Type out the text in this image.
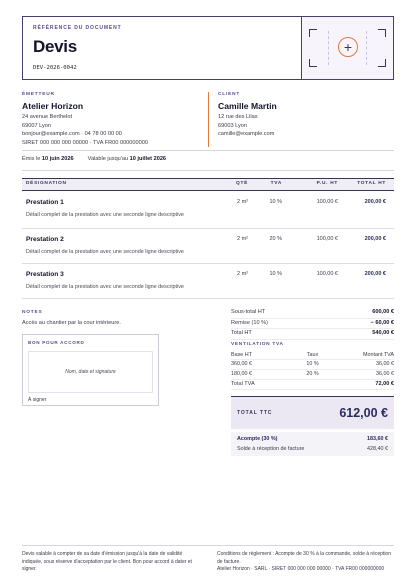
RÉFÉRENCE DU DOCUMENT
Devis
DEV-2026-0042
+
ÉMETTEUR
Atelier Horizon
24 avenue Berthelot
69007 Lyon
bonjour@example.com · 04 78 00 00 00
SIRET 000 000 000 00000 · TVA FR00 000000000
CLIENT
Camille Martin
12 rue des Lilas
69003 Lyon
camille@example.com
Émis le 10 juin 2026	Valable jusqu'au 10 juillet 2026
DÉSIGNATION	QTÉ	TVA	P.U. HT	TOTAL HT
Prestation 1
Détail complet de la prestation avec une seconde ligne descriptive
2 m²	10 %	100,00 €	200,00 €
Prestation 2
Détail complet de la prestation avec une seconde ligne descriptive
2 m²	20 %	100,00 €	200,00 €
Prestation 3
Détail complet de la prestation avec une seconde ligne descriptive
2 m²	10 %	100,00 €	200,00 €
NOTES
Accès au chantier par la cour intérieure.
BON POUR ACCORD
Nom, date et signature
À signer
Sous-total HT	600,00 €
Remise (10 %)	− 60,00 €
Total HT	540,00 €
VENTILATION TVA
Base HT	Taux	Montant TVA
360,00 €	10 %	36,00 €
180,00 €	20 %	36,00 €
Total TVA	72,00 €
TOTAL TTC	612,00 €
Acompte (30 %)	183,60 €
Solde à réception de facture	428,40 €
Devis valable à compter de sa date d'émission jusqu'à la date de validité indiquée, sous réserve d'acceptation par le client. Bon pour accord à dater et signer.
Conditions de règlement : Acompte de 30 % à la commande, solde à réception de facture.
Atelier Horizon · SARL · SIRET 000 000 000 00000 · TVA FR00 000000000
